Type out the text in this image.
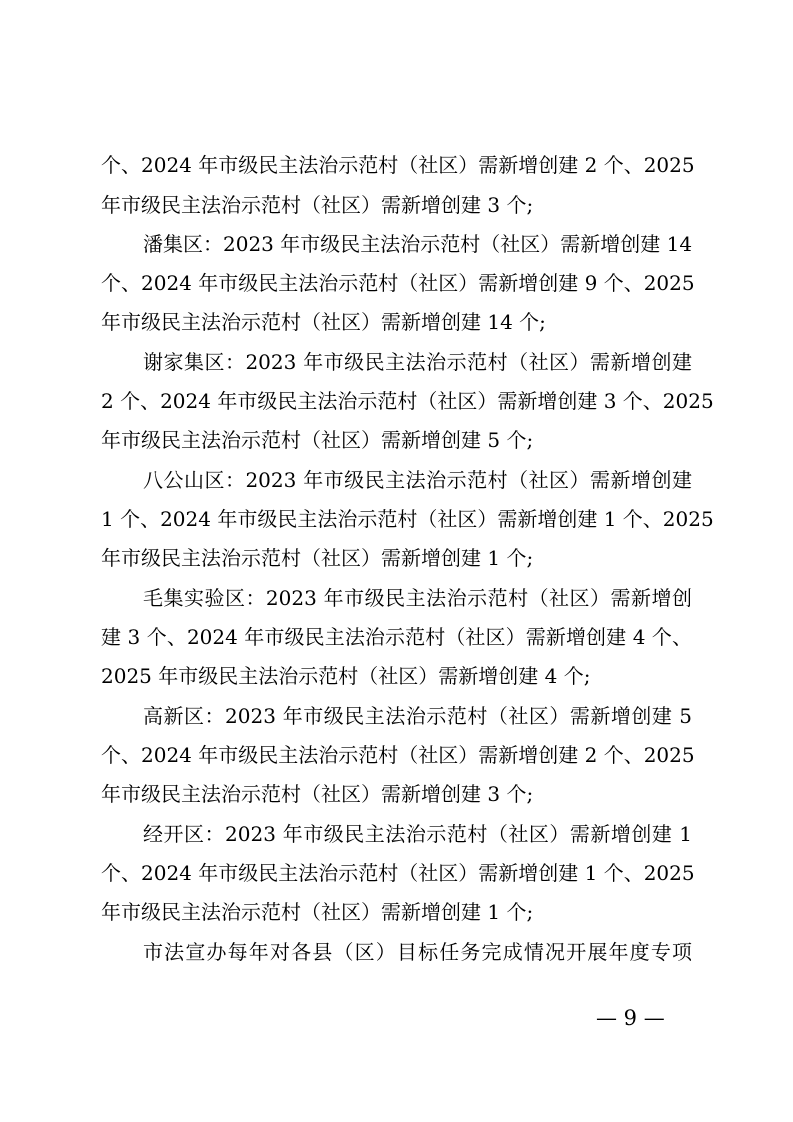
个、2024 年市级民主法治示范村（社区）需新增创建 2 个、2025
年市级民主法治示范村（社区）需新增创建 3 个;
潘集区：2023 年市级民主法治示范村（社区）需新增创建 14
个、2024 年市级民主法治示范村（社区）需新增创建 9 个、2025
年市级民主法治示范村（社区）需新增创建 14 个;
谢家集区：2023 年市级民主法治示范村（社区）需新增创建
2 个、2024 年市级民主法治示范村（社区）需新增创建 3 个、2025
年市级民主法治示范村（社区）需新增创建 5 个;
八公山区：2023 年市级民主法治示范村（社区）需新增创建
1 个、2024 年市级民主法治示范村（社区）需新增创建 1 个、2025
年市级民主法治示范村（社区）需新增创建 1 个;
毛集实验区：2023 年市级民主法治示范村（社区）需新增创
建 3 个、2024 年市级民主法治示范村（社区）需新增创建 4 个、
2025 年市级民主法治示范村（社区）需新增创建 4 个;
高新区：2023 年市级民主法治示范村（社区）需新增创建 5
个、2024 年市级民主法治示范村（社区）需新增创建 2 个、2025
年市级民主法治示范村（社区）需新增创建 3 个;
经开区：2023 年市级民主法治示范村（社区）需新增创建 1
个、2024 年市级民主法治示范村（社区）需新增创建 1 个、2025
年市级民主法治示范村（社区）需新增创建 1 个;
市法宣办每年对各县（区）目标任务完成情况开展年度专项
— 9 —
